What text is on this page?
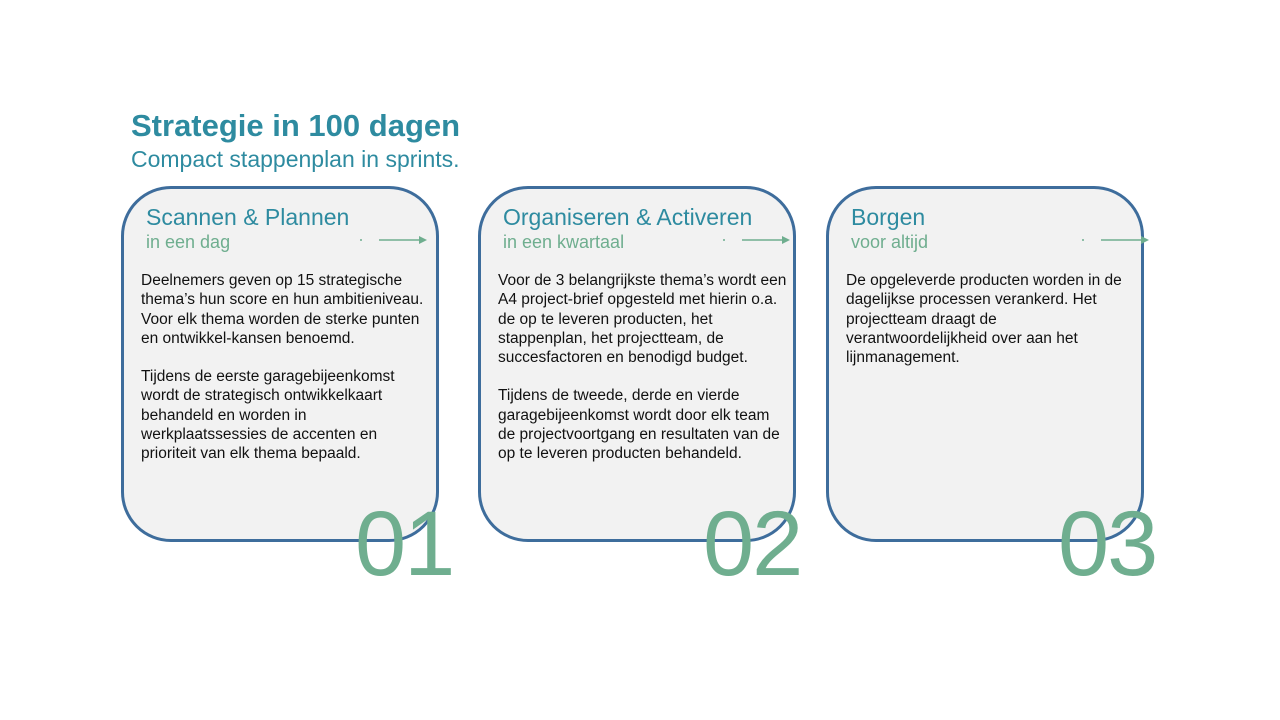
Strategie in 100 dagen
Compact stappenplan in sprints.
Scannen & Plannen
in een dag

Deelnemers geven op 15 strategische thema’s hun score en hun ambitieniveau. Voor elk thema worden de sterke punten en ontwikkel-kansen benoemd.

Tijdens de eerste garagebijeenkomst wordt de strategisch ontwikkelkaart behandeld en worden in werkplaatssessies de accenten en prioriteit van elk thema bepaald.

01
Organiseren & Activeren
in een kwartaal

Voor de 3 belangrijkste thema’s wordt een A4 project-brief opgesteld met hierin o.a. de op te leveren producten, het stappenplan, het projectteam, de succesfactoren en benodigd budget.

Tijdens de tweede, derde en vierde garagebijeenkomst wordt door elk team de projectvoortgang en resultaten van de op te leveren producten behandeld.

02
Borgen
voor altijd

De opgeleverde producten worden in de dagelijkse processen verankerd. Het projectteam draagt de verantwoordelijkheid over aan het lijnmanagement.

03
